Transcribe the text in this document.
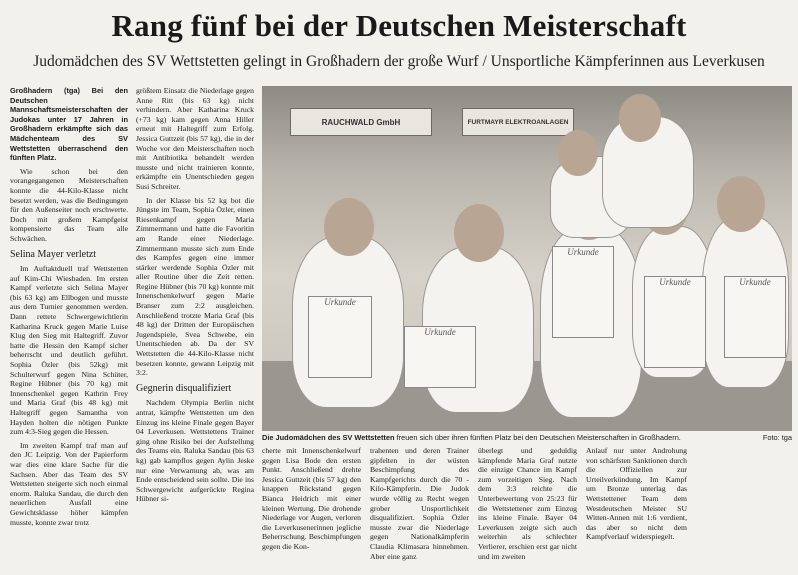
Rang fünf bei der Deutschen Meisterschaft
Judomädchen des SV Wettstetten gelingt in Großhadern der große Wurf / Unsportliche Kämpferinnen aus Leverkusen

Großhadern (tga) Bei den Deutschen Mannschaftsmeisterschaften der Judokas unter 17 Jahren in Großhadern erkämpfte sich das Mädchenteam des SV Wettstetten überraschend den fünften Platz.

Wie schon bei den vorangegangenen Meisterschaften konnte die 44-Kilo-Klasse nicht besetzt werden, was die Bedingungen für den Außenseiter noch erschwerte. Doch mit großem Kampfgeist kompensierte das Team alle Schwächen.

Selina Mayer verletzt

Im Auftaktduell traf Wettstetten auf Kim-Chi Wiesbaden. Im ersten Kampf verletzte sich Selina Mayer (bis 63 kg) am Ellbogen und musste aus dem Turnier genommen werden. Dann rettete Schwergewichtlerin Katharina Kruck gegen Marie Luise Klug den Sieg mit Haltegriff. Zuvor hatte die Hessin den Kampf sicher beherrscht und deutlich geführt. Sophia Özler (bis 52kg) mit Schulterwurf gegen Nina Schüter, Regine Hübner (bis 70 kg) mit Innenschenkel gegen Kathrin Frey und Maria Graf (bis 48 kg) mit Haltegriff gegen Samantha von Hayden holten die nötigen Punkte zum 4:3-Sieg gegen die Hessen.

Im zweiten Kampf traf man auf den JC Leipzig. Von der Papierform war dies eine klare Sache für die Sachsen. Aber das Team des SV Wettstetten steigerte sich noch einmal enorm. Raluka Sandau, die durch den neuerlichen Ausfall eine Gewichtsklasse höher kämpfen musste, konnte zwar trotz

größtem Einsatz die Niederlage gegen Anne Ritt (bis 63 kg) nicht verhindern. Aber Katharina Kruck (+73 kg) kam gegen Anna Hiller erneut mit Haltegriff zum Erfolg. Jessica Guttzeit (bis 57 kg), die in der Woche vor den Meisterschaften noch mit Antibiotika behandelt werden musste und nicht trainieren konnte, erkämpfte ein Unentschieden gegen Susi Schreiter.

In der Klasse bis 52 kg bot die Jüngste im Team, Sophia Özler, einen Riesenkampf gegen Maria Zimmermann und hatte die Favoritin am Rande einer Niederlage. Zimmermann musste sich zum Ende des Kampfes gegen eine immer stärker werdende Sophia Özler mit aller Routine über die Zeit retten. Regine Hübner (bis 70 kg) konnte mit Innenschenkelwurf gegen Marie Branser zum 2:2 ausgleichen. Anschließend trotzte Maria Graf (bis 48 kg) der Dritten der Europäischen Jugendspiele, Svea Schwebe, ein Unentschieden ab. Da der SV Wettstetten die 44-Kilo-Klasse nicht besetzen konnte, gewann Leipzig mit 3:2.

Gegnerin disqualifiziert

Nachdem Olympia Berlin nicht antrat, kämpfte Wettstetten um den Einzug ins kleine Finale gegen Bayer 04 Leverkusen. Wettstettens Trainer ging ohne Risiko bei der Aufstellung des Teams ein. Raluka Sandau (bis 63 kg) gab kampflos gegen Aylin Jeske nur eine Verwarnung ab, was am Ende entscheidend sein sollte. Die ins Schwergewicht aufgerückte Regina Hübner si-

RAUCHWALD GmbH	FURTMAYR ELEKTROANLAGEN
Urkunde
Urkunde
Urkunde
Urkunde	Urkunde
Die Judomädchen des SV Wettstetten freuen sich über ihren fünften Platz bei den Deutschen Meisterschaften in Großhadern.	Foto: tga

cherte mit Innenschenkelwurf gegen Lisa Bode den ersten Punkt. Anschließend drehte Jessica Guttzeit (bis 57 kg) den knappen Rückstand gegen Bianca Heidrich mit einer kleinen Wertung. Die drohende Niederlage vor Augen, verloren die Leverkusenerinnen jegliche Beherrschung. Beschimpfungen gegen die Kon-

trahenten und deren Trainer gipfelten in der wüsten Beschimpfung des Kampfgerichts durch die 70 -Kilo-Kämpferin. Die Judok wurde völlig zu Recht wegen grober Unsportlichkeit disqualifiziert. Sophia Özler musste zwar die Niederlage gegen Nationalkämpferin Claudia Klimasara hinnehmen. Aber eine ganz

überlegt und geduldig kämpfende Maria Graf nutzte die einzige Chance im Kampf zum vorzeitigen Sieg. Nach dem 3:3 reichte die Unterbewertung von 25:23 für die Wettstettener zum Einzug ins kleine Finale. Bayer 04 Leverkusen zeigte sich auch weiterhin als schlechter Verlierer, erschien erst gar nicht und im zweiten

Anlauf nur unter Androhung von schärfsten Sanktionen durch die Offiziellen zur Urteilverkündung. Im Kampf um Bronze unterlag das Wettstettener Team dem Westdeutschen Meister SU Witten-Annen mit 1:6 verdient, das aber so nicht dem Kampfverlauf widerspiegelt.
